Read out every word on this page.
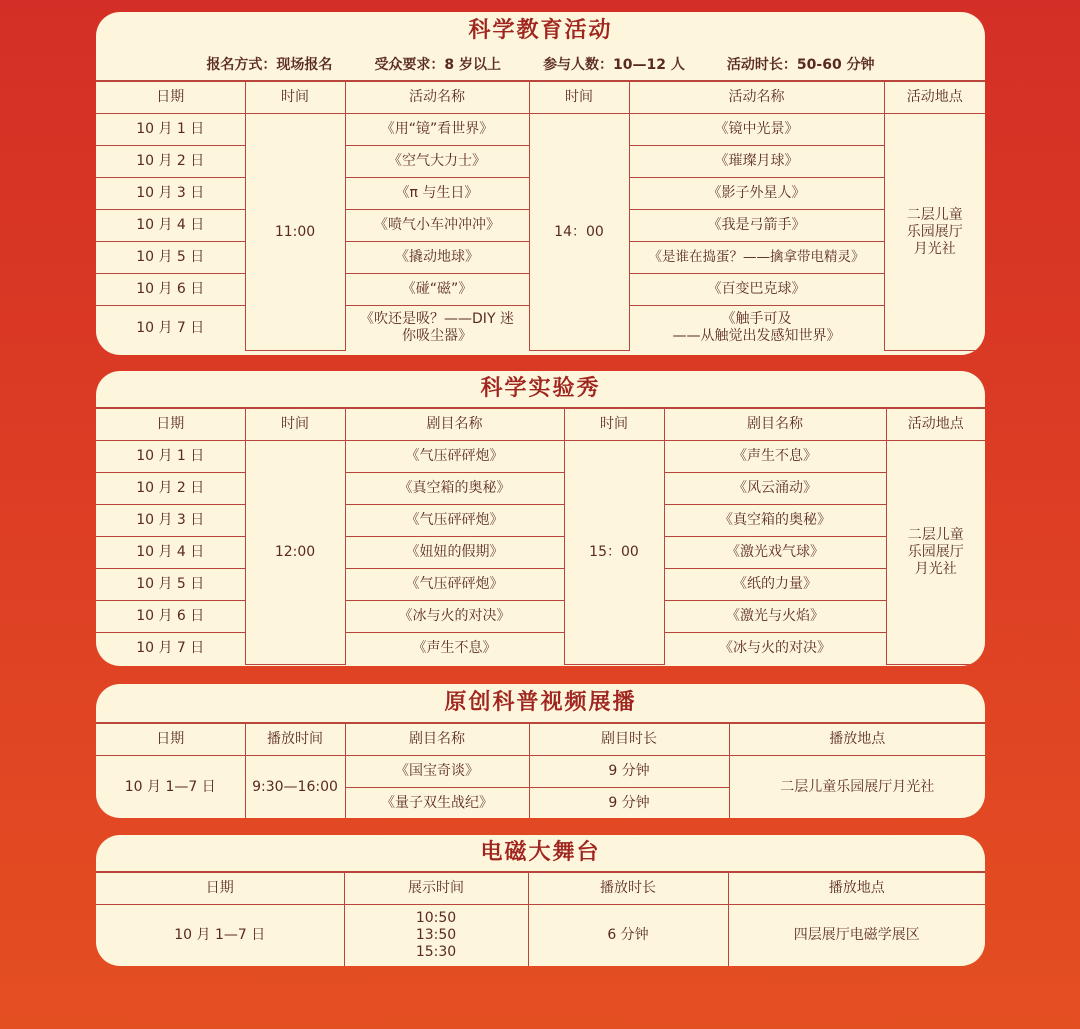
科学教育活动
报名方式：现场报名	受众要求：8 岁以上	参与人数：10—12 人	活动时长：50-60 分钟
日期	时间	活动名称	时间	活动名称	活动地点
10 月 1 日	11:00	《用“镜”看世界》	14：00	《镜中光景》	二层儿童
乐园展厅
月光社

10 月 2 日		《空气大力士》		《璀璨月球》	
10 月 3 日		《π 与生日》		《影子外星人》	
10 月 4 日		《喷气小车冲冲冲》		《我是弓箭手》	
10 月 5 日		《撬动地球》		《是谁在捣蛋？——擒拿带电精灵》	
10 月 6 日		《碰“磁”》		《百变巴克球》	
10 月 7 日		《吹还是吸？——DIY 迷
你吸尘器》		《触手可及
——从触觉出发感知世界》	
科学实验秀
日期	时间	剧目名称	时间	剧目名称	活动地点
10 月 1 日	12:00	《气压砰砰炮》	15：00	《声生不息》	二层儿童
乐园展厅
月光社

10 月 2 日		《真空箱的奥秘》		《风云涌动》	
10 月 3 日		《气压砰砰炮》		《真空箱的奥秘》	
10 月 4 日		《妞妞的假期》		《激光戏气球》	
10 月 5 日		《气压砰砰炮》		《纸的力量》	
10 月 6 日		《冰与火的对决》		《激光与火焰》	
10 月 7 日		《声生不息》		《冰与火的对决》	
原创科普视频展播
日期	播放时间	剧目名称	剧目时长	播放地点
10 月 1—7 日	9:30—16:00	《国宝奇谈》	9 分钟	二层儿童乐园展厅月光社
		《量子双生战纪》	9 分钟	
电磁大舞台
日期	展示时间	播放时长	播放地点
10 月 1—7 日	10:50
13:50
15:30	6 分钟	四层展厅电磁学展区
